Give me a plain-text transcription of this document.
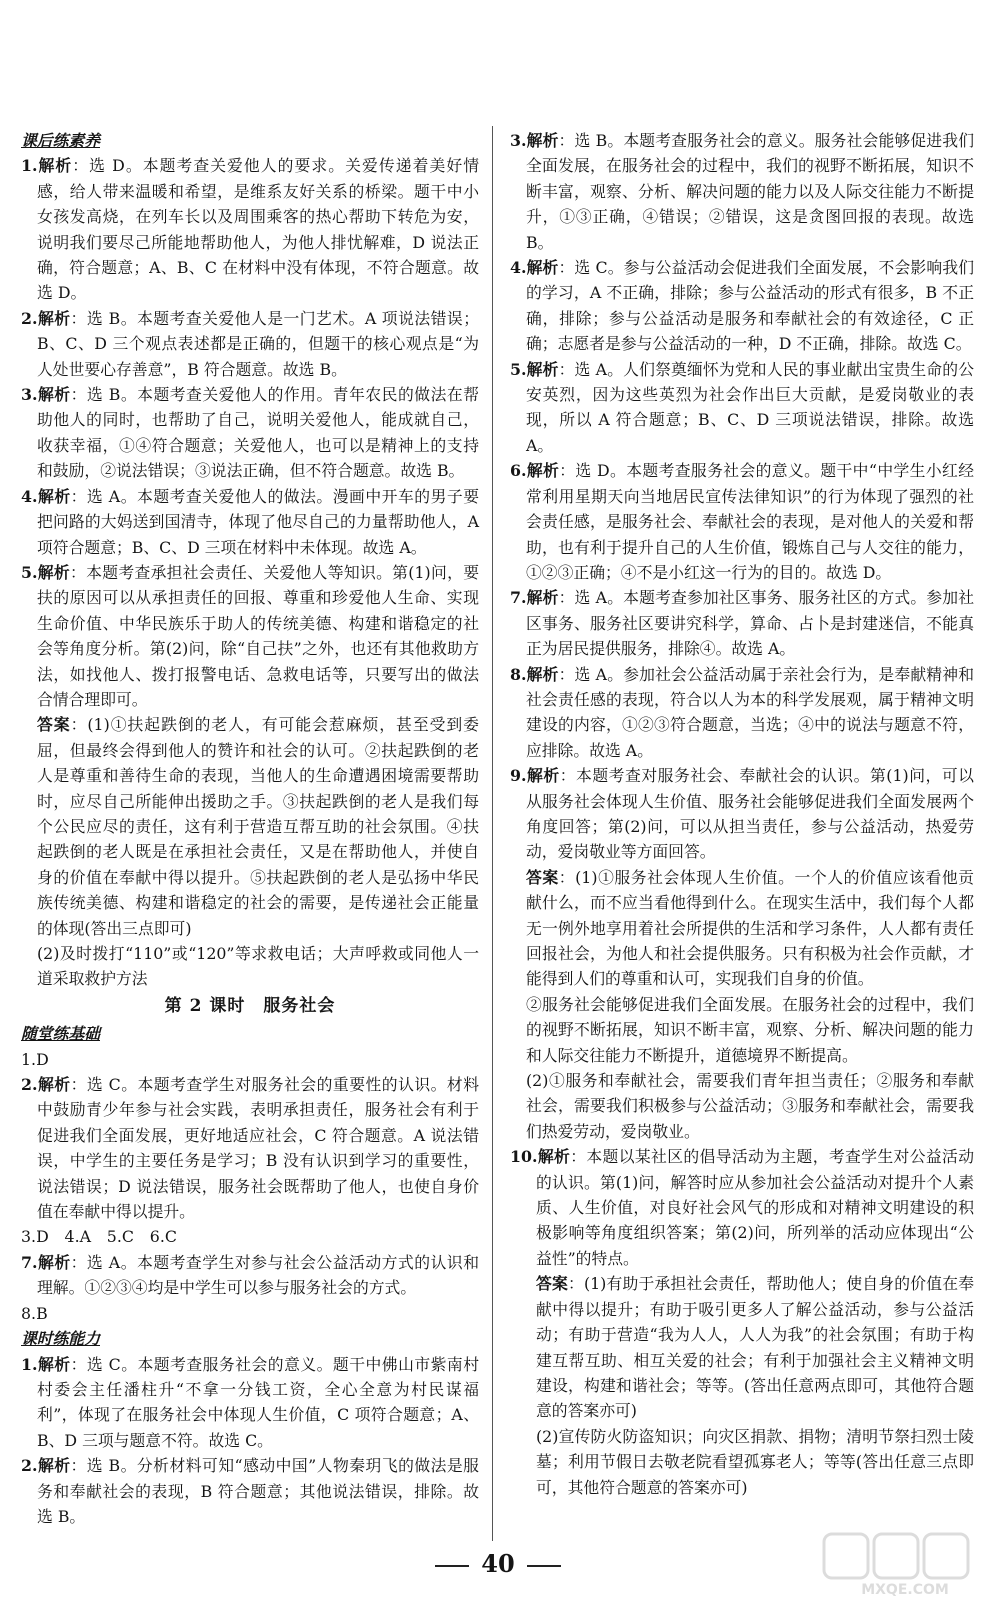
课后练素养

1.解析：选 D。本题考查关爱他人的要求。关爱传递着美好情感，给人带来温暖和希望，是维系友好关系的桥梁。题干中小女孩发高烧，在列车长以及周围乘客的热心帮助下转危为安，说明我们要尽己所能地帮助他人，为他人排忧解难，D 说法正确，符合题意；A、B、C 在材料中没有体现，不符合题意。故选 D。

2.解析：选 B。本题考查关爱他人是一门艺术。A 项说法错误；B、C、D 三个观点表述都是正确的，但题干的核心观点是“为人处世要心存善意”，B 符合题意。故选 B。

3.解析：选 B。本题考查关爱他人的作用。青年农民的做法在帮助他人的同时，也帮助了自己，说明关爱他人，能成就自己，收获幸福，①④符合题意；关爱他人，也可以是精神上的支持和鼓励，②说法错误；③说法正确，但不符合题意。故选 B。

4.解析：选 A。本题考查关爱他人的做法。漫画中开车的男子要把问路的大妈送到国清寺，体现了他尽自己的力量帮助他人，A 项符合题意；B、C、D 三项在材料中未体现。故选 A。

5.解析：本题考查承担社会责任、关爱他人等知识。第(1)问，要扶的原因可以从承担责任的回报、尊重和珍爱他人生命、实现生命价值、中华民族乐于助人的传统美德、构建和谐稳定的社会等角度分析。第(2)问，除“自己扶”之外，也还有其他救助方法，如找他人、拨打报警电话、急救电话等，只要写出的做法合情合理即可。

答案：(1)①扶起跌倒的老人，有可能会惹麻烦，甚至受到委屈，但最终会得到他人的赞许和社会的认可。②扶起跌倒的老人是尊重和善待生命的表现，当他人的生命遭遇困境需要帮助时，应尽自己所能伸出援助之手。③扶起跌倒的老人是我们每个公民应尽的责任，这有利于营造互帮互助的社会氛围。④扶起跌倒的老人既是在承担社会责任，又是在帮助他人，并使自身的价值在奉献中得以提升。⑤扶起跌倒的老人是弘扬中华民族传统美德、构建和谐稳定的社会的需要，是传递社会正能量的体现(答出三点即可)

(2)及时拨打“110”或“120”等求救电话；大声呼救或同他人一道采取救护方法

第 2 课时　服务社会

随堂练基础

1.D

2.解析：选 C。本题考查学生对服务社会的重要性的认识。材料中鼓励青少年参与社会实践，表明承担责任，服务社会有利于促进我们全面发展，更好地适应社会，C 符合题意。A 说法错误，中学生的主要任务是学习；B 没有认识到学习的重要性，说法错误；D 说法错误，服务社会既帮助了他人，也使自身价值在奉献中得以提升。

3.D　4.A　5.C　6.C

7.解析：选 A。本题考查学生对参与社会公益活动方式的认识和理解。①②③④均是中学生可以参与服务社会的方式。

8.B

课时练能力

1.解析：选 C。本题考查服务社会的意义。题干中佛山市紫南村村委会主任潘柱升“不拿一分钱工资，全心全意为村民谋福利”，体现了在服务社会中体现人生价值，C 项符合题意；A、B、D 三项与题意不符。故选 C。

2.解析：选 B。分析材料可知“感动中国”人物秦玥飞的做法是服务和奉献社会的表现，B 符合题意；其他说法错误，排除。故选 B。

3.解析：选 B。本题考查服务社会的意义。服务社会能够促进我们全面发展，在服务社会的过程中，我们的视野不断拓展，知识不断丰富，观察、分析、解决问题的能力以及人际交往能力不断提升，①③正确，④错误；②错误，这是贪图回报的表现。故选 B。

4.解析：选 C。参与公益活动会促进我们全面发展，不会影响我们的学习，A 不正确，排除；参与公益活动的形式有很多，B 不正确，排除；参与公益活动是服务和奉献社会的有效途径，C 正确；志愿者是参与公益活动的一种，D 不正确，排除。故选 C。

5.解析：选 A。人们祭奠缅怀为党和人民的事业献出宝贵生命的公安英烈，因为这些英烈为社会作出巨大贡献，是爱岗敬业的表现，所以 A 符合题意；B、C、D 三项说法错误，排除。故选 A。

6.解析：选 D。本题考查服务社会的意义。题干中“中学生小红经常利用星期天向当地居民宣传法律知识”的行为体现了强烈的社会责任感，是服务社会、奉献社会的表现，是对他人的关爱和帮助，也有利于提升自己的人生价值，锻炼自己与人交往的能力，①②③正确；④不是小红这一行为的目的。故选 D。

7.解析：选 A。本题考查参加社区事务、服务社区的方式。参加社区事务、服务社区要讲究科学，算命、占卜是封建迷信，不能真正为居民提供服务，排除④。故选 A。

8.解析：选 A。参加社会公益活动属于亲社会行为，是奉献精神和社会责任感的表现，符合以人为本的科学发展观，属于精神文明建设的内容，①②③符合题意，当选；④中的说法与题意不符，应排除。故选 A。

9.解析：本题考查对服务社会、奉献社会的认识。第(1)问，可以从服务社会体现人生价值、服务社会能够促进我们全面发展两个角度回答；第(2)问，可以从担当责任，参与公益活动，热爱劳动，爱岗敬业等方面回答。

答案：(1)①服务社会体现人生价值。一个人的价值应该看他贡献什么，而不应当看他得到什么。在现实生活中，我们每个人都无一例外地享用着社会所提供的生活和学习条件，人人都有责任回报社会，为他人和社会提供服务。只有积极为社会作贡献，才能得到人们的尊重和认可，实现我们自身的价值。

②服务社会能够促进我们全面发展。在服务社会的过程中，我们的视野不断拓展，知识不断丰富，观察、分析、解决问题的能力和人际交往能力不断提升，道德境界不断提高。

(2)①服务和奉献社会，需要我们青年担当责任；②服务和奉献社会，需要我们积极参与公益活动；③服务和奉献社会，需要我们热爱劳动，爱岗敬业。

10.解析：本题以某社区的倡导活动为主题，考查学生对公益活动的认识。第(1)问，解答时应从参加社会公益活动对提升个人素质、人生价值，对良好社会风气的形成和对精神文明建设的积极影响等角度组织答案；第(2)问，所列举的活动应体现出“公益性”的特点。

答案：(1)有助于承担社会责任，帮助他人；使自身的价值在奉献中得以提升；有助于吸引更多人了解公益活动，参与公益活动；有助于营造“我为人人，人人为我”的社会氛围；有助于构建互帮互助、相互关爱的社会；有利于加强社会主义精神文明建设，构建和谐社会；等等。(答出任意两点即可，其他符合题意的答案亦可)

(2)宣传防火防盗知识；向灾区捐款、捐物；清明节祭扫烈士陵墓；利用节假日去敬老院看望孤寡老人；等等(答出任意三点即可，其他符合题意的答案亦可)

40
MXQE.COM
